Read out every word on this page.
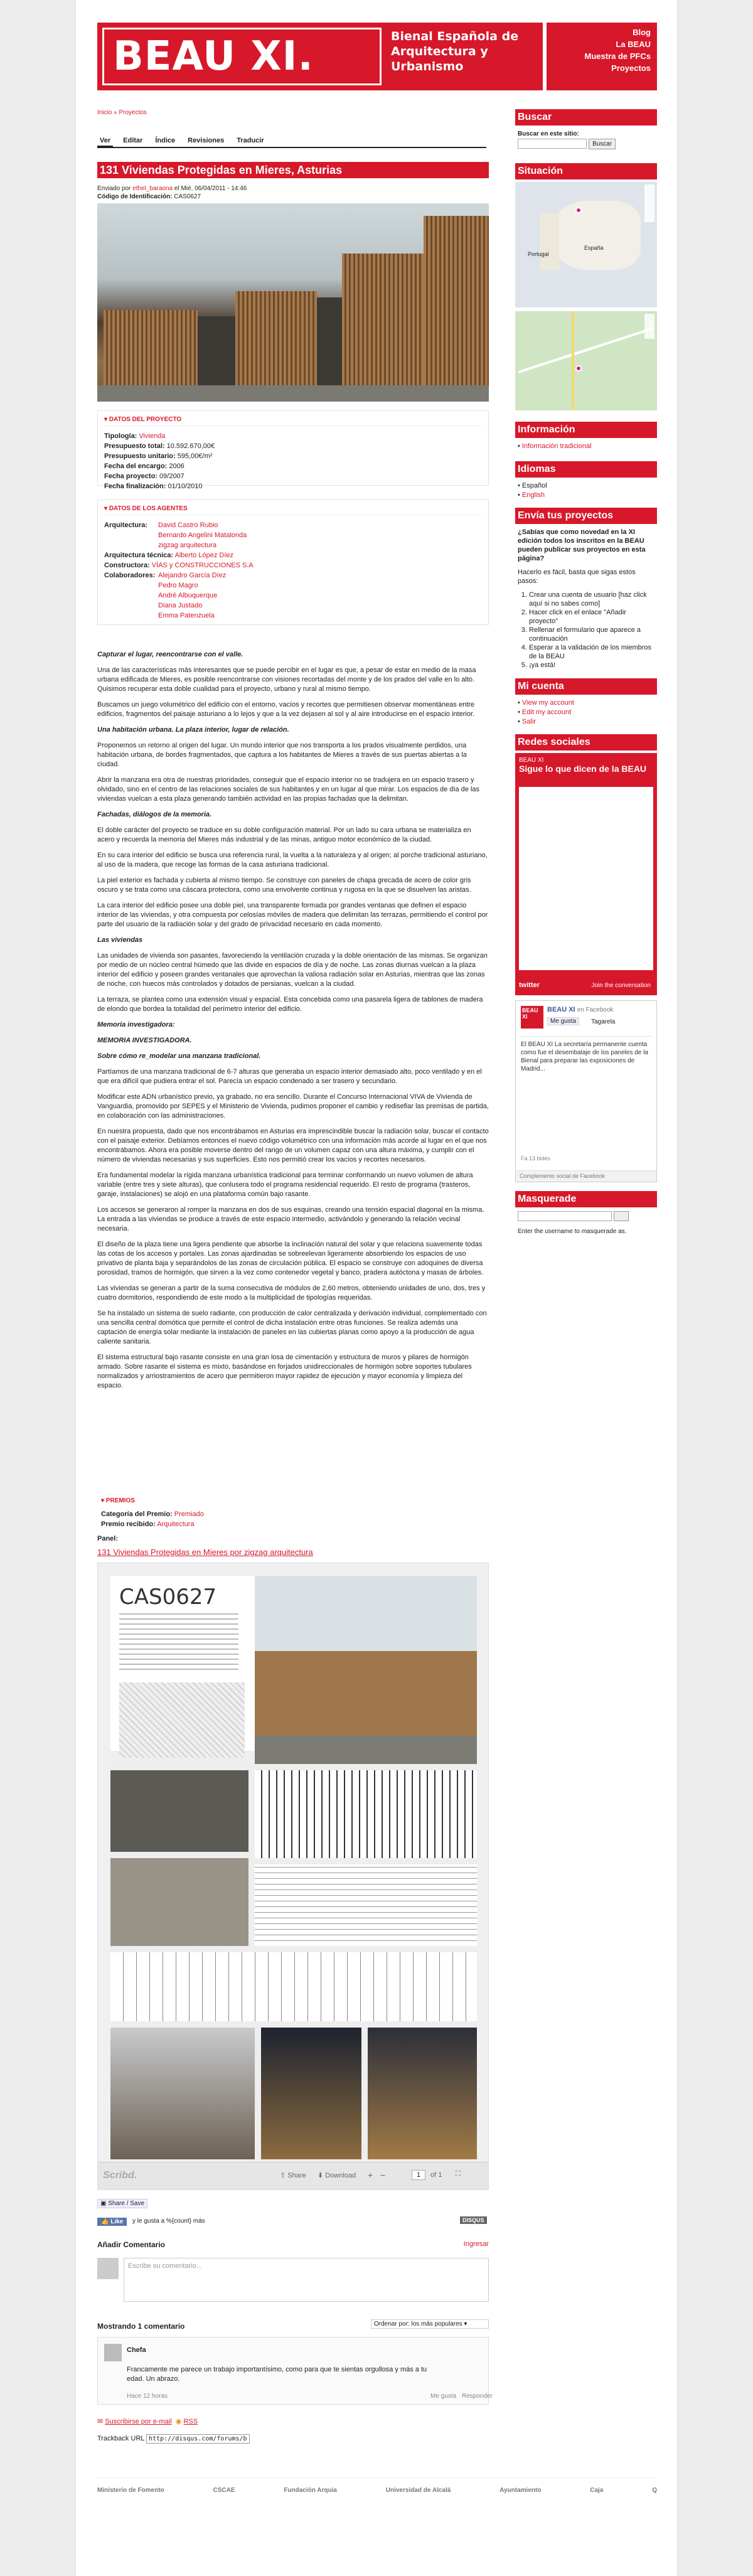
BEAU XI.	Bienal Española de Arquitectura y Urbanismo
Blog
La BEAU
Muestra de PFCs
Proyectos
Inicio » Proyectos
Ver	Editar	Índice	Revisiones	Traducir
131 Viviendas Protegidas en Mieres, Asturias
Enviado por ethel_baraona el Mié, 06/04/2011 - 14:46
Código de Identificación: CAS0627
▾ DATOS DEL PROYECTO
Tipología: Vivienda
Presupuesto total: 10.592.670,00€
Presupuesto unitario: 595,00€/m²
Fecha del encargo: 2006
Fecha proyecto: 09/2007
Fecha finalización: 01/10/2010
▾ DATOS DE LOS AGENTES
Arquitectura:	David Castro Rubio
Bernardo Angelini Matalonda
zigzag arquitectura
Arquitectura técnica: Alberto López Díez
Constructora: VÍAS y CONSTRUCCIONES S.A
Colaboradores: Alejandro García Díez
Pedro Magro
André Albuquerque
Diana Justado
Emma Patenzuela

Capturar el lugar, reencontrarse con el valle.

Una de las características más interesantes que se puede percibir en el lugar es que, a pesar de estar en medio de la masa urbana edificada de Mieres, es posible reencontrarse con visiones recortadas del monte y de los prados del valle en lo alto. Quisimos recuperar esta doble cualidad para el proyecto, urbano y rural al mismo tiempo.

Buscamos un juego volumétrico del edificio con el entorno, vacíos y recortes que permitiesen observar momentáneas entre edificios, fragmentos del paisaje asturiano a lo lejos y que a la vez dejasen al sol y al aire introducirse en el espacio interior.

Una habitación urbana. La plaza interior, lugar de relación.

Proponemos un retorno al origen del lugar. Un mundo interior que nos transporta a los prados visualmente perdidos, una habitación urbana, de bordes fragmentados, que captura a los habitantes de Mieres a través de sus puertas abiertas a la ciudad.

Abrir la manzana era otra de nuestras prioridades, conseguir que el espacio interior no se tradujera en un espacio trasero y olvidado, sino en el centro de las relaciones sociales de sus habitantes y en un lugar al que mirar. Los espacios de día de las viviendas vuelcan a esta plaza generando también actividad en las propias fachadas que la delimitan.

Fachadas, diálogos de la memoria.

El doble carácter del proyecto se traduce en su doble configuración material. Por un lado su cara urbana se materializa en acero y recuerda la memoria del Mieres más industrial y de las minas, antiguo motor económico de la ciudad.

En su cara interior del edificio se busca una referencia rural, la vuelta a la naturaleza y al origen; al porche tradicional asturiano, al uso de la madera, que recoge las formas de la casa asturiana tradicional.

La piel exterior es fachada y cubierta al mismo tiempo. Se construye con paneles de chapa grecada de acero de color gris oscuro y se trata como una cáscara protectora, como una envolvente continua y rugosa en la que se disuelven las aristas.

La cara interior del edificio posee una doble piel, una transparente formada por grandes ventanas que definen el espacio interior de las viviendas, y otra compuesta por celosías móviles de madera que delimitan las terrazas, permitiendo el control por parte del usuario de la radiación solar y del grado de privacidad necesario en cada momento.

Las viviendas

Las unidades de vivienda son pasantes, favoreciendo la ventilación cruzada y la doble orientación de las mismas. Se organizan por medio de un núcleo central húmedo que las divide en espacios de día y de noche. Las zonas diurnas vuelcan a la plaza interior del edificio y poseen grandes ventanales que aprovechan la valiosa radiación solar en Asturias, mientras que las zonas de noche, con huecos más controlados y dotados de persianas, vuelcan a la ciudad.

La terraza, se plantea como una extensión visual y espacial. Esta concebida como una pasarela ligera de tablones de madera de elondo que bordea la totalidad del perímetro interior del edificio.

Memoria investigadora:

MEMORIA INVESTIGADORA.

Sobre cómo re_modelar una manzana tradicional.

Partíamos de una manzana tradicional de 6-7 alturas que generaba un espacio interior demasiado alto, poco ventilado y en el que era difícil que pudiera entrar el sol. Parecía un espacio condenado a ser trasero y secundario.

Modificar este ADN urbanístico previo, ya grabado, no era sencillo. Durante el Concurso Internacional VIVA de Vivienda de Vanguardia, promovido por SEPES y el Ministerio de Vivienda, pudimos proponer el cambio y redisefiar las premisas de partida, en colaboración con las administraciones.

En nuestra propuesta, dado que nos encontrábamos en Asturias era imprescindible buscar la radiación solar, buscar el contacto con el paisaje exterior. Debíamos entonces el nuevo código volumétrico con una información más acorde al lugar en el que nos encontrábamos. Ahora era posible moverse dentro del rango de un volumen capaz con una altura máxima, y cumplir con el número de viviendas necesarias y sus superficies. Esto nos permitió crear los vacíos y recortes necesarios.

Era fundamental modelar la rígida manzana urbanística tradicional para terminar conformando un nuevo volumen de altura variable (entre tres y siete alturas), que conlusera todo el programa residencial requerido. El resto de programa (trasteros, garaje, instalaciones) se alojó en una plataforma común bajo rasante.

Los accesos se generaron al romper la manzana en dos de sus esquinas, creando una tensión espacial diagonal en la misma. La entrada a las viviendas se produce a través de este espacio intermedio, activándolo y generando la relación vecinal necesaria.

El diseño de la plaza tiene una ligera pendiente que absorbe la inclinación natural del solar y que relaciona suavemente todas las cotas de los accesos y portales. Las zonas ajardinadas se sobreelevan ligeramente absorbiendo los espacios de uso privativo de planta baja y separándolos de las zonas de circulación pública. El espacio se construye con adoquines de diversa porosidad, tramos de hormigón, que sirven a la vez como contenedor vegetal y banco, pradera autóctona y masas de árboles.

Las viviendas se generan a partir de la suma consecutiva de módulos de 2,60 metros, obteniendo unidades de uno, dos, tres y cuatro dormitorios, respondiendo de este modo a la multiplicidad de tipologías requeridas.

Se ha instalado un sistema de suelo radiante, con producción de calor centralizada y derivación individual, complementado con una sencilla central domótica que permite el control de dicha instalación entre otras funciones. Se realiza además una captación de energía solar mediante la instalación de paneles en las cubiertas planas como apoyo a la producción de agua caliente sanitaria.

El sistema estructural bajo rasante consiste en una gran losa de cimentación y estructura de muros y pilares de hormigón armado. Sobre rasante el sistema es mixto, basándose en forjados unidireccionales de hormigón sobre soportes tubulares normalizados y arriostramientos de acero que permitieron mayor rapidez de ejecución y mayor economía y limpieza del espacio.

▾ PREMIOS
Categoría del Premio: Premiado
Premio recibido: Arquitectura
Panel:
131 Viviendas Protegidas en Mieres por zigzag arquitectura
CAS0627
Scribd.	⇪ Share ⬇ Download + −	1	of 1 ⛶
▣ Share / Save
👍 Like	y le gusta a %{count} más	DISQUS
Añadir Comentario	Ingresar
Escribe su comentario...
Mostrando 1 comentario	Ordenar por: los más populares ▾
Chefa
Francamente me parece un trabajo importantísimo, como para que te sientas orgullosa y más a tu edad. Un abrazo.
Hace 12 horas	Me gusta Responder
✉ Suscribirse por e-mail ◉ RSS
Trackback URL http://disqus.com/forums/b
Ministerio de Fomento	CSCAE	Fundación Arquia	Universidad de Alcalá	Ayuntamiento	Caja	Q
Buscar
Buscar en este sitio:
Buscar
Situación
Portugal
España
Información
• Información tradicional
Idiomas
• Español
• English
Envía tus proyectos

¿Sabías que como novedad en la XI edición todos los inscritos en la BEAU pueden publicar sus proyectos en esta página?

Hacerlo es fácil, basta que sigas estos pasos:

1. Crear una cuenta de usuario [haz click aquí si no sabes como]
2. Hacer click en el enlace "Añadir proyecto"
3. Rellenar el formulario que aparece a continuación
4. Esperar a la validación de los miembros de la BEAU
5. ¡ya está!
Mi cuenta
• View my account
• Edit my account
• Salir
Redes sociales
BEAU XI
Sigue lo que dicen de la BEAU
twitter	Join the conversation
BEAU XI
BEAU XI en Facebook
Me gusta	Tagarela
El BEAU XI La secretaría permanente cuenta como fue el desembalaje de los paneles de la Bienal para preparar las exposiciones de Madrid...
Fa 13 bides
Complemento social de Facebook
Masquerade

Enter the username to masquerade as.
